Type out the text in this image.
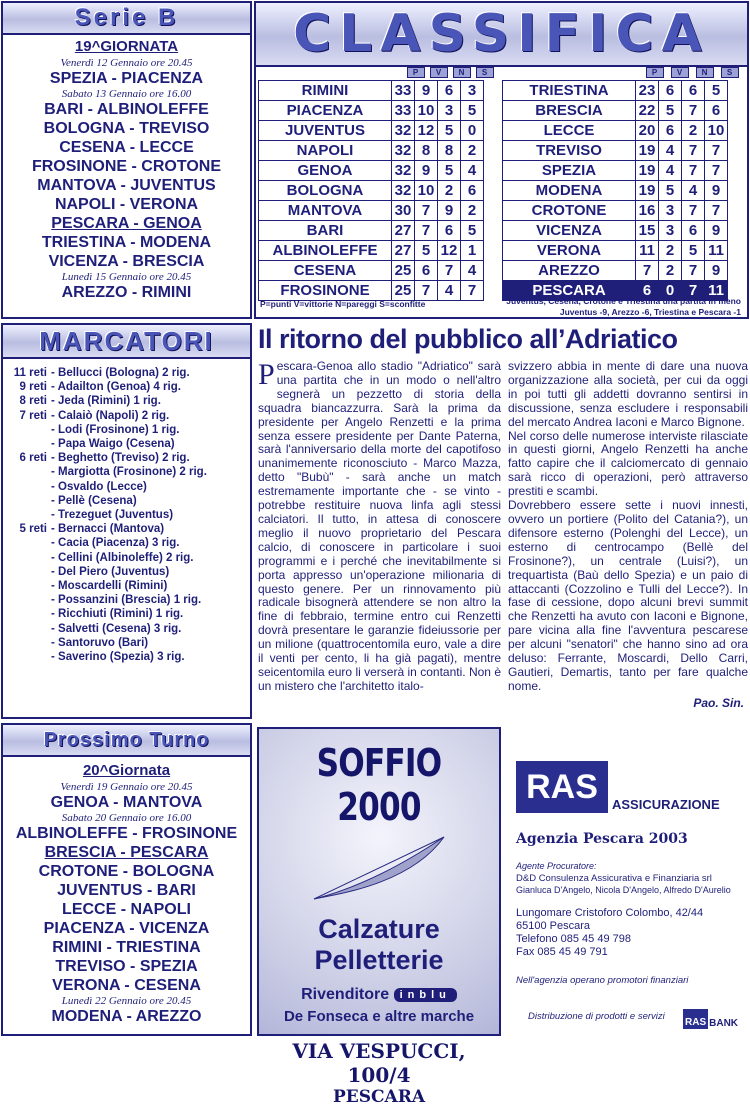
Serie B
19^GIORNATA
Venerdì 12 Gennaio ore 20.45
SPEZIA - PIACENZA
Sabato 13 Gennaio ore 16.00
BARI - ALBINOLEFFE
BOLOGNA - TREVISO
CESENA - LECCE
FROSINONE - CROTONE
MANTOVA - JUVENTUS
NAPOLI - VERONA
PESCARA - GENOA
TRIESTINA - MODENA
VICENZA - BRESCIA
Lunedì 15 Gennaio ore 20.45
AREZZO - RIMINI
CLASSIFICA
P	V	N	S	P	V	N	S
RIMINI	33	9	6	3
PIACENZA	33	10	3	5
JUVENTUS	32	12	5	0
NAPOLI	32	8	8	2
GENOA	32	9	5	4
BOLOGNA	32	10	2	6
MANTOVA	30	7	9	2
BARI	27	7	6	5
ALBINOLEFFE	27	5	12	1
CESENA	25	6	7	4
FROSINONE	25	7	4	7
TRIESTINA	23	6	6	5
BRESCIA	22	5	7	6
LECCE	20	6	2	10
TREVISO	19	4	7	7
SPEZIA	19	4	7	7
MODENA	19	5	4	9
CROTONE	16	3	7	7
VICENZA	15	3	6	9
VERONA	11	2	5	11
AREZZO	7	2	7	9
PESCARA	6	0	7	11
P=punti V=vittorie N=pareggi S=sconfitte	Juventus, Cesena, Crotone e Triestina una partita in meno
Juventus -9, Arezzo -6, Triestina e Pescara -1
MARCATORI
11 reti - Bellucci (Bologna) 2 rig.
9 reti - Adailton (Genoa) 4 rig.
8 reti - Jeda (Rimini) 1 rig.
7 reti - Calaiò (Napoli) 2 rig.
- Lodi (Frosinone) 1 rig.
- Papa Waigo (Cesena)
6 reti - Beghetto (Treviso) 2 rig.
- Margiotta (Frosinone) 2 rig.
- Osvaldo (Lecce)
- Pellè (Cesena)
- Trezeguet (Juventus)
5 reti - Bernacci (Mantova)
- Cacia (Piacenza) 3 rig.
- Cellini (Albinoleffe) 2 rig.
- Del Piero (Juventus)
- Moscardelli (Rimini)
- Possanzini (Brescia) 1 rig.
- Ricchiuti (Rimini) 1 rig.
- Salvetti (Cesena) 3 rig.
- Santoruvo (Bari)
- Saverino (Spezia) 3 rig.
Il ritorno del pubblico all’Adriatico
P escara-Genoa allo stadio "Adriatico" sarà una partita che in un modo o nell'altro segnerà un pezzetto di storia della squadra biancazzurra. Sarà la prima da presidente per Angelo Renzetti e la prima senza essere presidente per Dante Paterna, sarà l'anniversario della morte del capotifoso unanimemente riconosciuto - Marco Mazza, detto "Bubù" - sarà anche un match estremamente importante che - se vinto - potrebbe restituire nuova linfa agli stessi calciatori. Il tutto, in attesa di conoscere meglio il nuovo proprietario del Pescara calcio, di conoscere in particolare i suoi programmi e i perché che inevitabilmente si porta appresso un'operazione milionaria di questo genere. Per un rinnovamento più radicale bisognerà attendere se non altro la fine di febbraio, termine entro cui Renzetti dovrà presentare le garanzie fideiussorie per un milione (quattrocentomila euro, vale a dire il venti per cento, li ha già pagati), mentre seicentomila euro li verserà in contanti. Non è un mistero che l'architetto italo-

svizzero abbia in mente di dare una nuova organizzazione alla società, per cui da oggi in poi tutti gli addetti dovranno sentirsi in discussione, senza escludere i responsabili del mercato Andrea Iaconi e Marco Bignone.

Nel corso delle numerose interviste rilasciate in questi giorni, Angelo Renzetti ha anche fatto capire che il calciomercato di gennaio sarà ricco di operazioni, però attraverso prestiti e scambi.

Dovrebbero essere sette i nuovi innesti, ovvero un portiere (Polito del Catania?), un difensore esterno (Polenghi del Lecce), un esterno di centrocampo (Bellè del Frosinone?), un centrale (Luisi?), un trequartista (Baù dello Spezia) e un paio di attaccanti (Cozzolino e Tulli del Lecce?). In fase di cessione, dopo alcuni brevi summit che Renzetti ha avuto con Iaconi e Bignone, pare vicina alla fine l'avventura pescarese per alcuni "senatori" che hanno sino ad ora deluso: Ferrante, Moscardi, Dello Carri, Gautieri, Demartis, tanto per fare qualche nome.

Pao. Sin.
Prossimo Turno
20^Giornata
Venerdì 19 Gennaio ore 20.45
GENOA - MANTOVA
Sabato 20 Gennaio ore 16.00
ALBINOLEFFE - FROSINONE
BRESCIA - PESCARA
CROTONE - BOLOGNA
JUVENTUS - BARI
LECCE - NAPOLI
PIACENZA - VICENZA
RIMINI - TRIESTINA
TREVISO - SPEZIA
VERONA - CESENA
Lunedì 22 Gennaio ore 20.45
MODENA - AREZZO
SOFFIO 2000
Calzature
Pelletterie
Rivenditore inblu
De Fonseca e altre marche
VIA VESPUCCI, 100/4
PESCARA
RAS	ASSICURAZIONE
Agenzia Pescara 2003
Agente Procuratore:
D&D Consulenza Assicurativa e Finanziaria srl
Gianluca D'Angelo, Nicola D'Angelo, Alfredo D'Aurelio
Lungomare Cristoforo Colombo, 42/44
65100 Pescara
Telefono 085 45 49 798
Fax 085 45 49 791
Nell'agenzia operano promotori finanziari
Distribuzione di prodotti e servizi
RAS BANK
